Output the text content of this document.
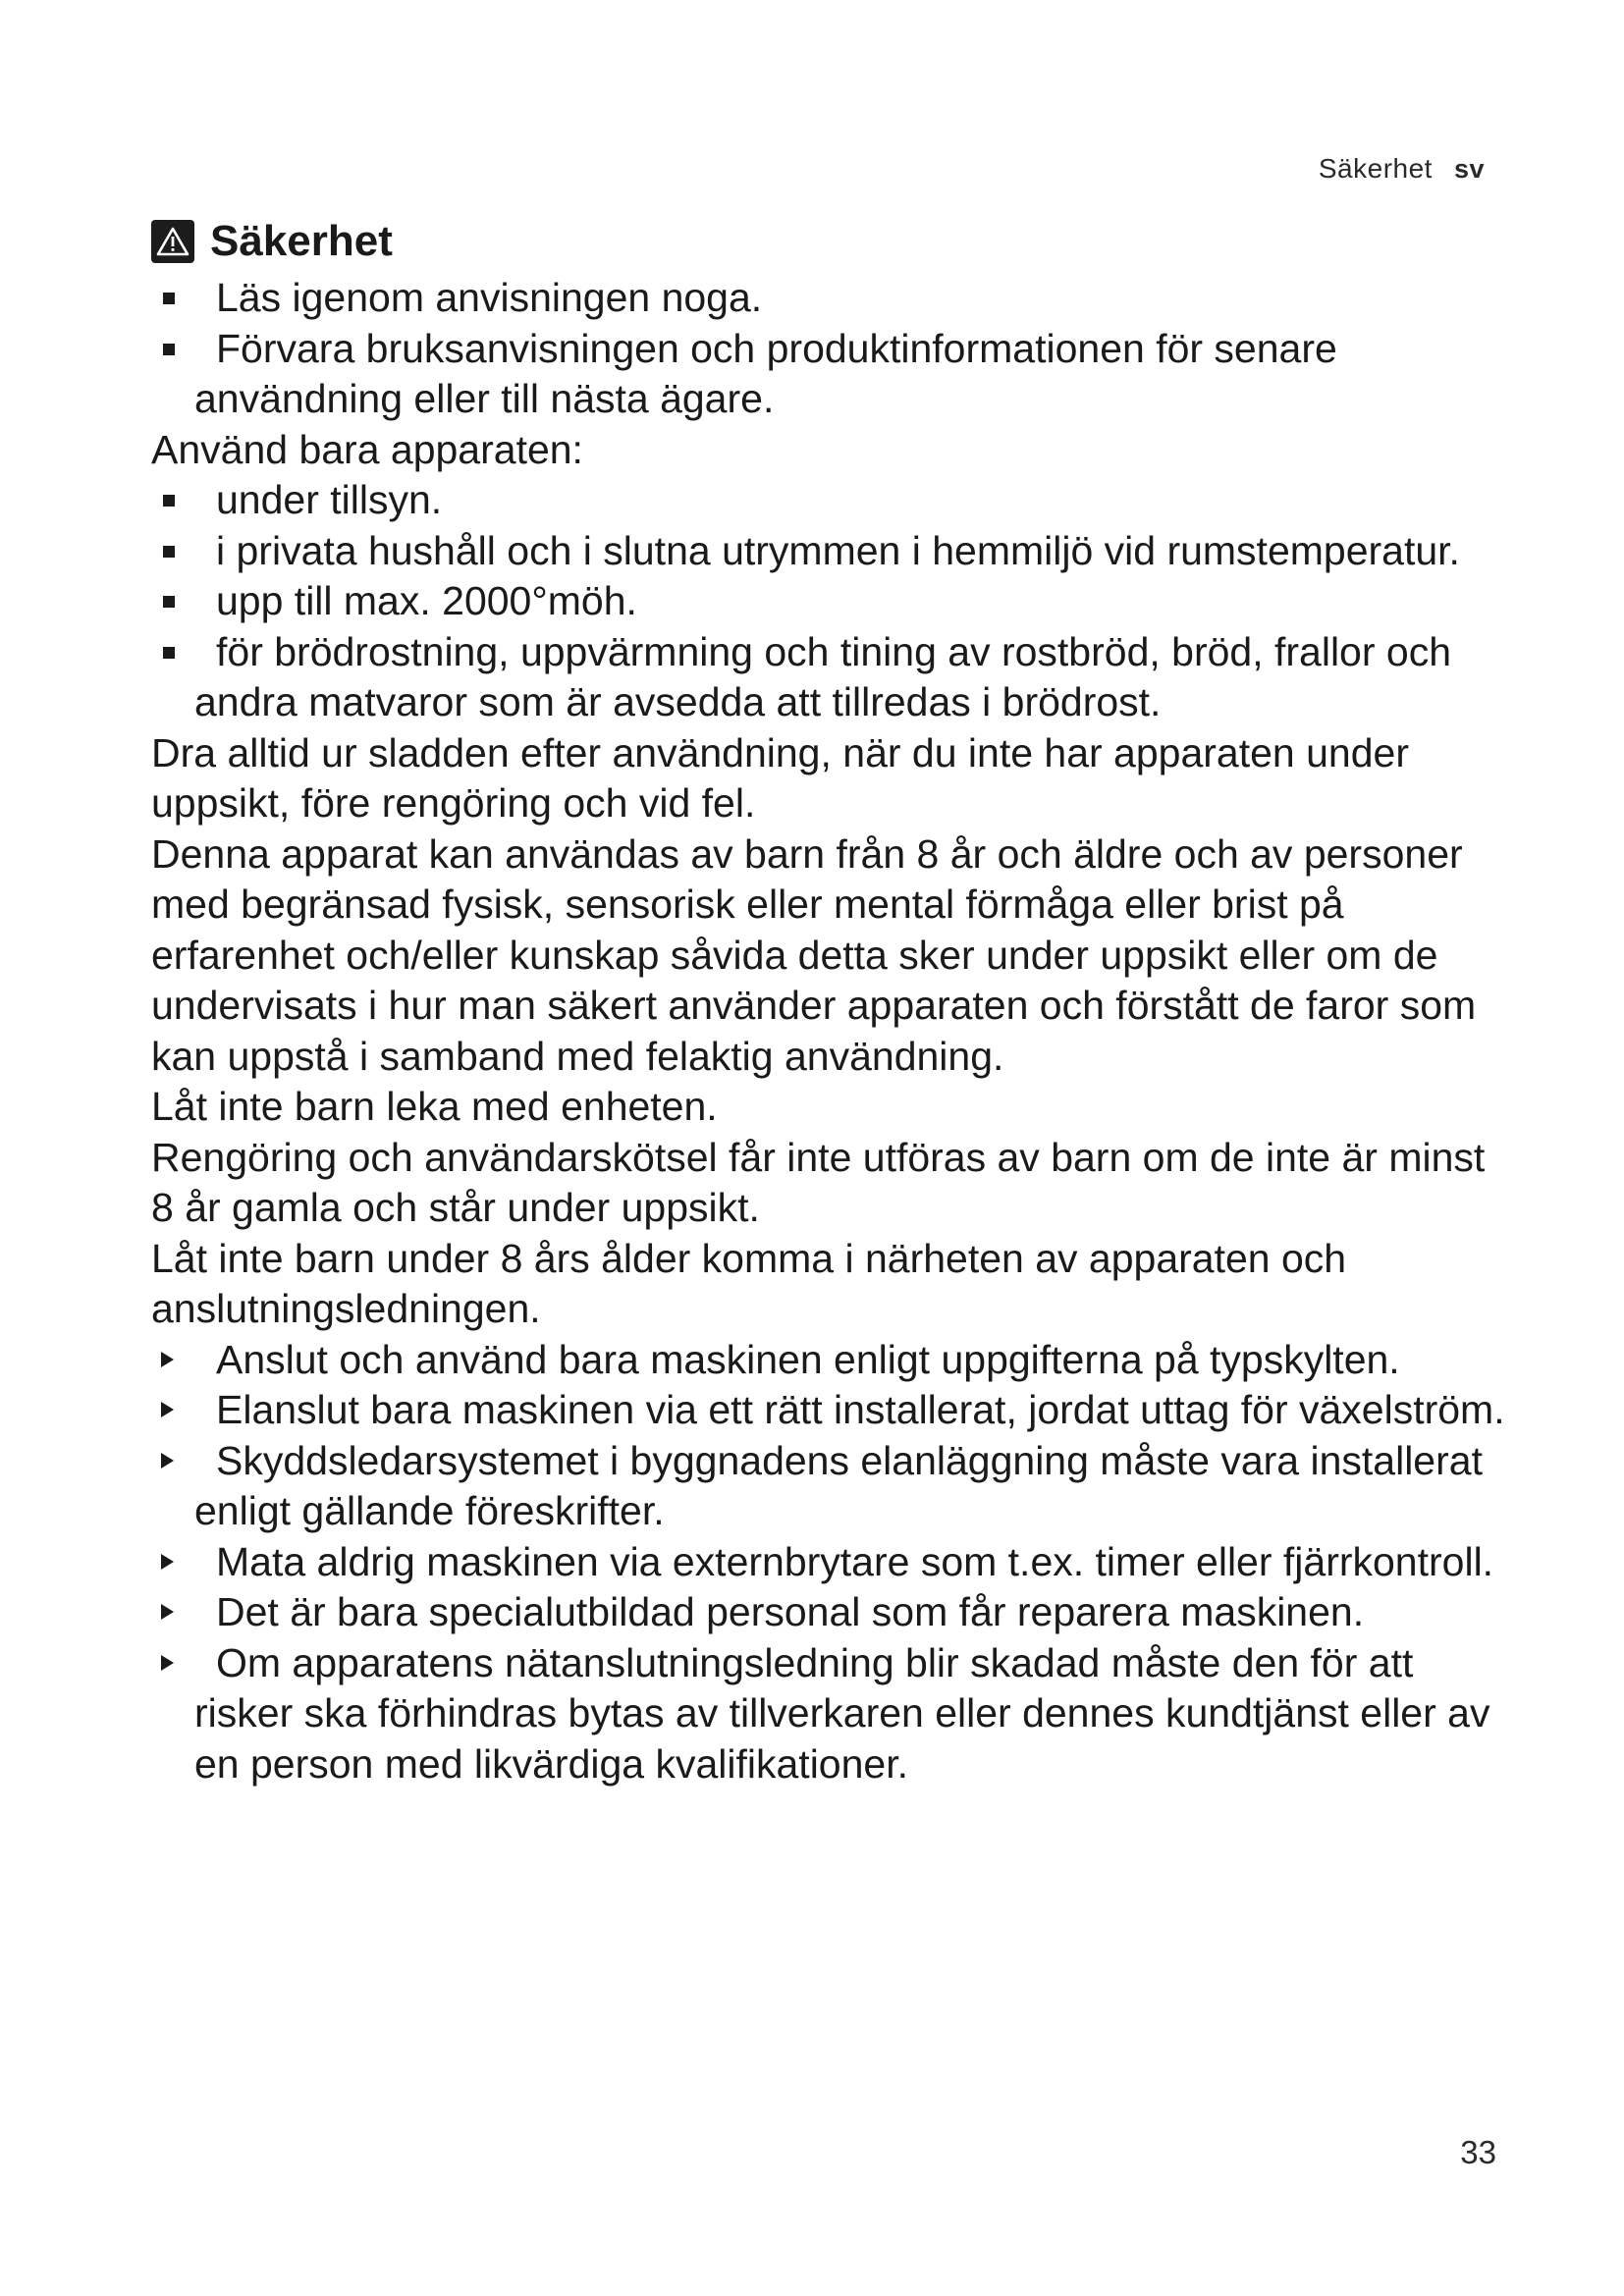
Säkerhet sv
Säkerhet
Läs igenom anvisningen noga.
Förvara bruksanvisningen och produktinformationen för senare användning eller till nästa ägare.

Använd bara apparaten:

under tillsyn.
i privata hushåll och i slutna utrymmen i hemmiljö vid rumstemperatur.
upp till max. 2000°möh.
för brödrostning, uppvärmning och tining av rostbröd, bröd, frallor och andra matvaror som är avsedda att tillredas i brödrost.

Dra alltid ur sladden efter användning, när du inte har apparaten under uppsikt, före rengöring och vid fel.

Denna apparat kan användas av barn från 8 år och äldre och av personer med begränsad fysisk, sensorisk eller mental förmåga eller brist på erfarenhet och/eller kunskap såvida detta sker under uppsikt eller om de undervisats i hur man säkert använder apparaten och förstått de faror som kan uppstå i samband med felaktig användning.

Låt inte barn leka med enheten.

Rengöring och användarskötsel får inte utföras av barn om de inte är minst 8 år gamla och står under uppsikt.

Låt inte barn under 8 års ålder komma i närheten av apparaten och anslutningsledningen.

Anslut och använd bara maskinen enligt uppgifterna på typskylten.
Elanslut bara maskinen via ett rätt installerat, jordat uttag för växelström.
Skyddsledarsystemet i byggnadens elanläggning måste vara installerat enligt gällande föreskrifter.
Mata aldrig maskinen via externbrytare som t.ex. timer eller fjärrkontroll.
Det är bara specialutbildad personal som får reparera maskinen.
Om apparatens nätanslutningsledning blir skadad måste den för att risker ska förhindras bytas av tillverkaren eller dennes kundtjänst eller av en person med likvärdiga kvalifikationer.
33
